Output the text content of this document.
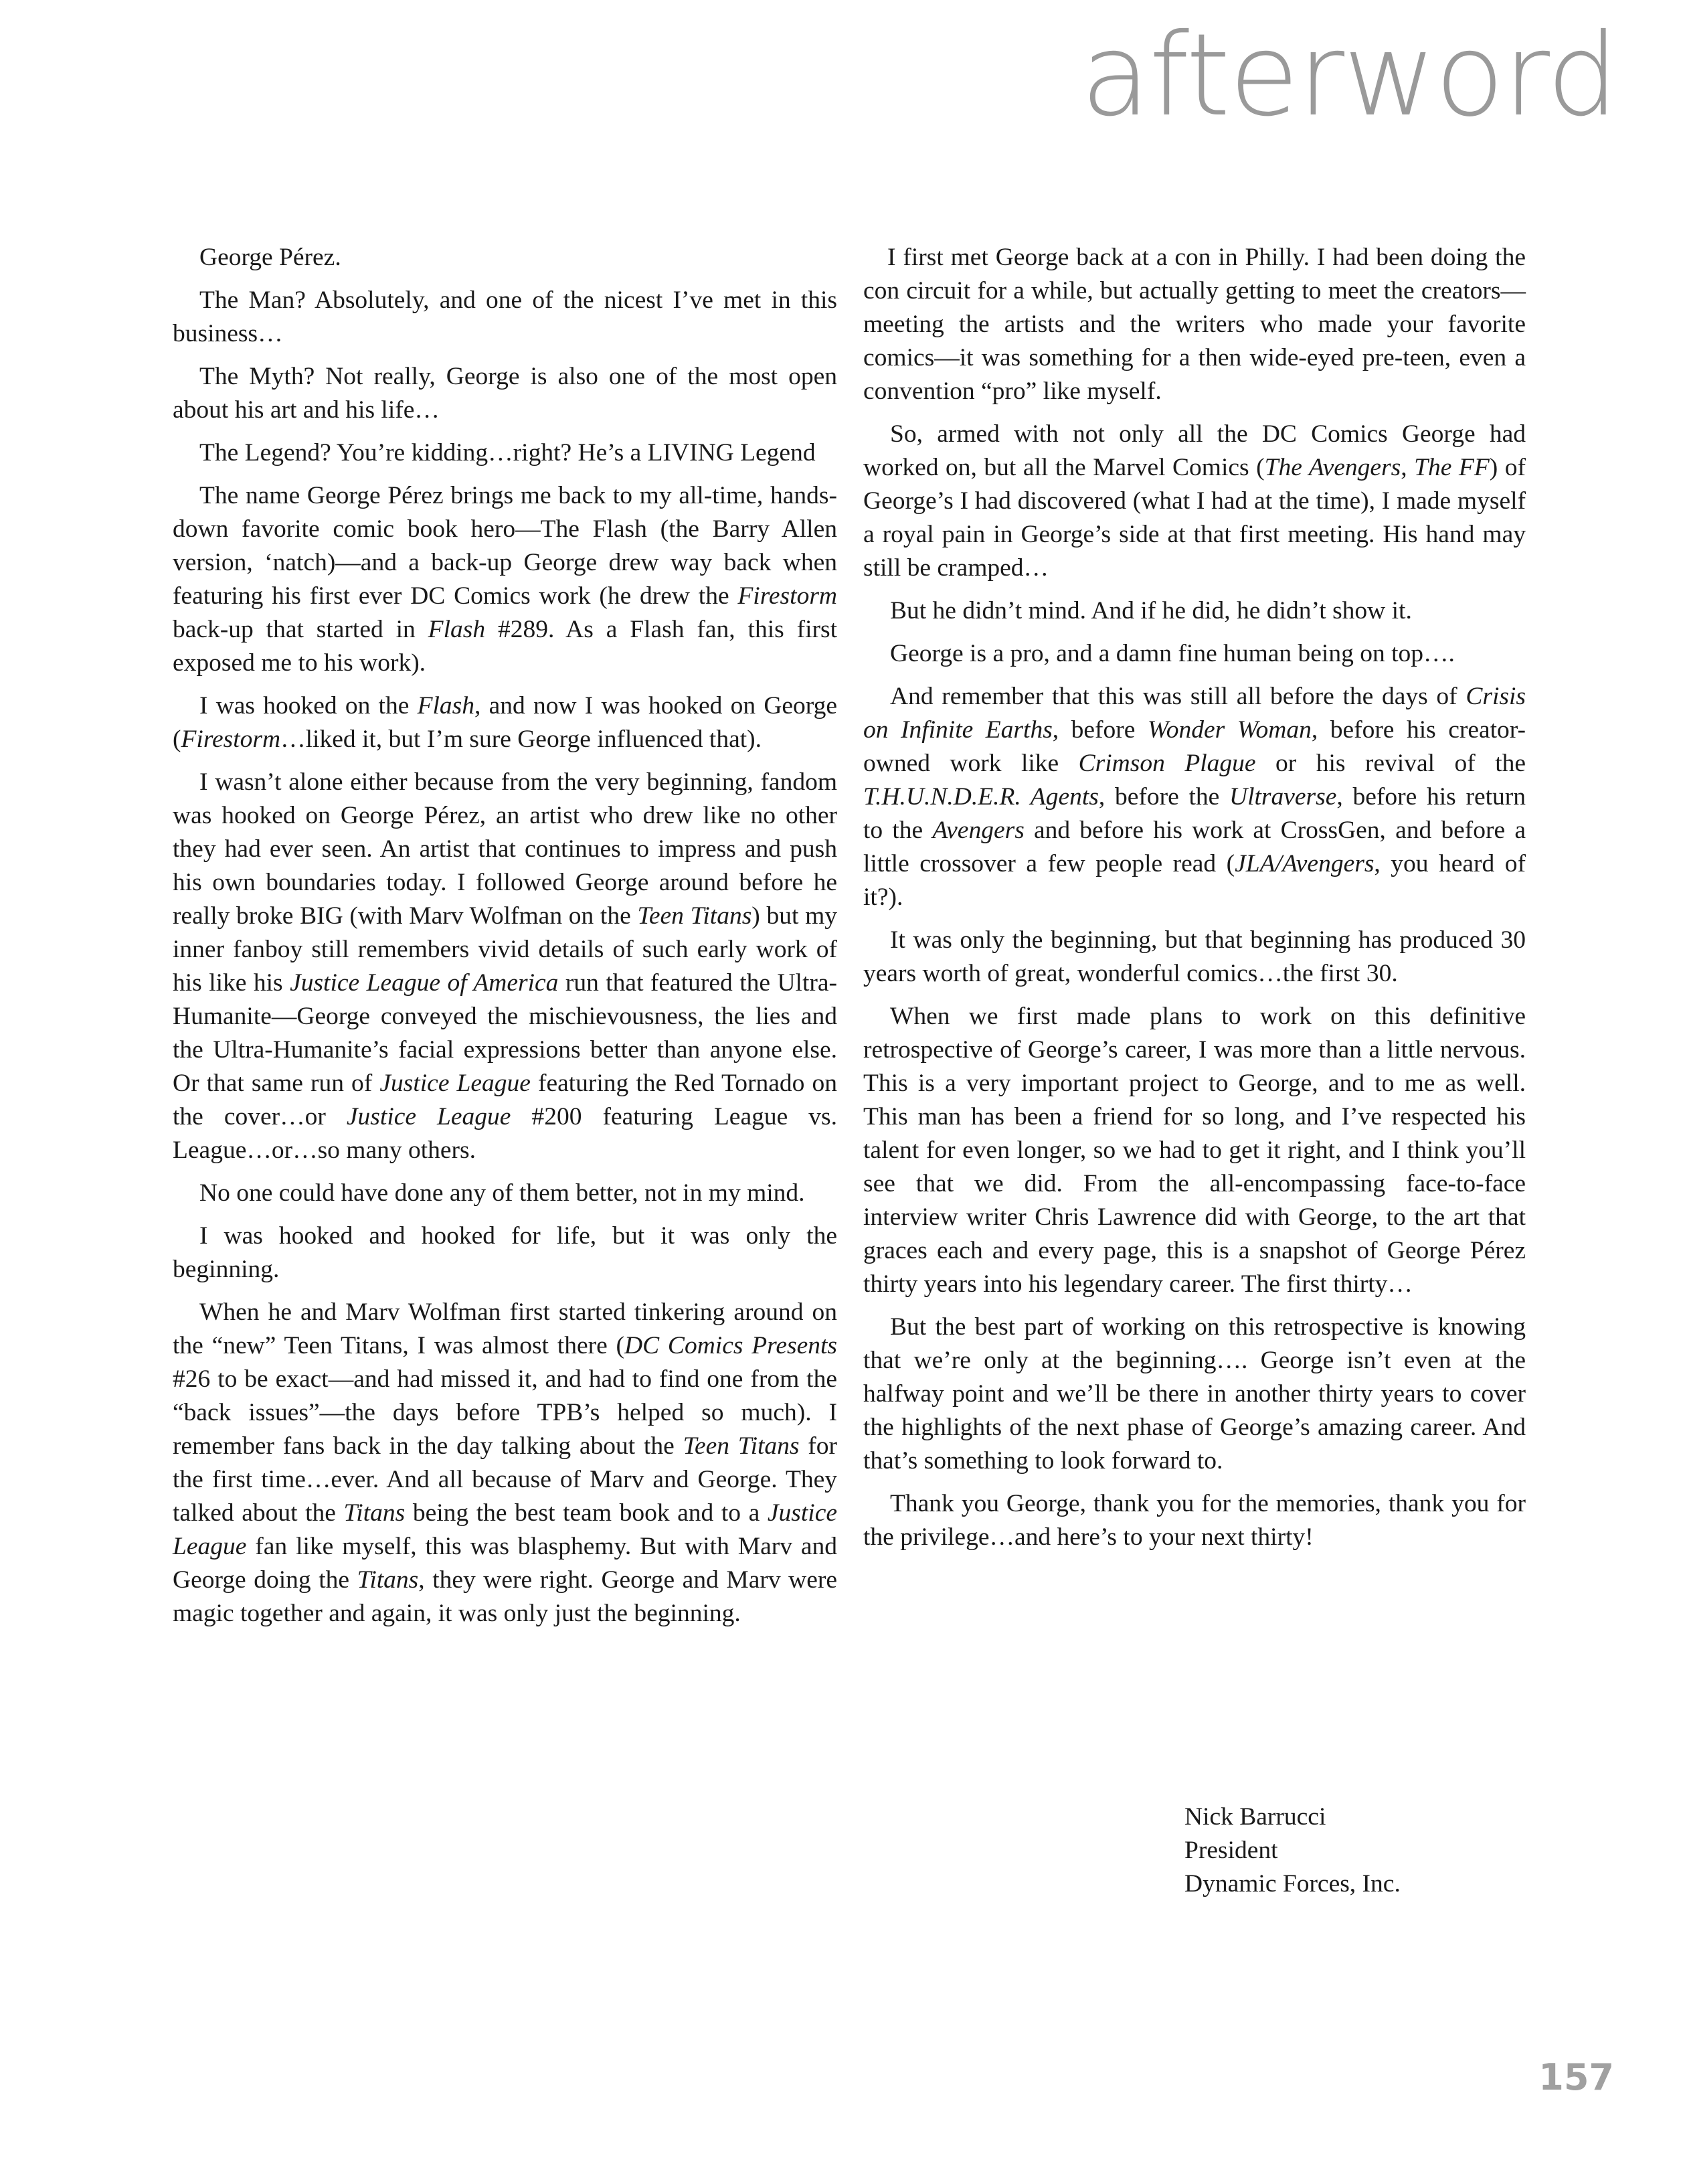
afterword

George Pérez.

The Man? Absolutely, and one of the nicest I’ve met in this business…

The Myth? Not really, George is also one of the most open about his art and his life…

The Legend? You’re kidding…right? He’s a LIVING Legend

The name George Pérez brings me back to my all-time, hands-down favorite comic book hero—The Flash (the Barry Allen version, ‘natch)—and a back-up George drew way back when featuring his first ever DC Comics work (he drew the Firestorm back-up that started in Flash #289. As a Flash fan, this first exposed me to his work).

I was hooked on the Flash, and now I was hooked on George (Firestorm…liked it, but I’m sure George influenced that).

I wasn’t alone either because from the very beginning, fandom was hooked on George Pérez, an artist who drew like no other they had ever seen. An artist that continues to impress and push his own boundaries today. I followed George around before he really broke BIG (with Marv Wolfman on the Teen Titans) but my inner fanboy still remembers vivid details of such early work of his like his Justice League of America run that featured the Ultra-Humanite—George conveyed the mischievousness, the lies and the Ultra-Humanite’s facial expressions better than anyone else. Or that same run of Justice League featuring the Red Tornado on the cover…or Justice League #200 featuring League vs. League…or…so many others.

No one could have done any of them better, not in my mind.

I was hooked and hooked for life, but it was only the beginning.

When he and Marv Wolfman first started tinkering around on the “new” Teen Titans, I was almost there (DC Comics Presents #26 to be exact—and had missed it, and had to find one from the “back issues”—the days before TPB’s helped so much). I remember fans back in the day talking about the Teen Titans for the first time…ever. And all because of Marv and George. They talked about the Titans being the best team book and to a Justice League fan like myself, this was blasphemy. But with Marv and George doing the Titans, they were right. George and Marv were magic together and again, it was only just the beginning.

I first met George back at a con in Philly. I had been doing the con circuit for a while, but actually getting to meet the creators—meeting the artists and the writers who made your favorite comics—it was something for a then wide-eyed pre-teen, even a convention “pro” like myself.

So, armed with not only all the DC Comics George had worked on, but all the Marvel Comics (The Avengers, The FF) of George’s I had discovered (what I had at the time), I made myself a royal pain in George’s side at that first meeting. His hand may still be cramped…

But he didn’t mind. And if he did, he didn’t show it.

George is a pro, and a damn fine human being on top….

And remember that this was still all before the days of Crisis on Infinite Earths, before Wonder Woman, before his creator-owned work like Crimson Plague or his revival of the T.H.U.N.D.E.R. Agents, before the Ultraverse, before his return to the Avengers and before his work at CrossGen, and before a little crossover a few people read (JLA/Avengers, you heard of it?).

It was only the beginning, but that beginning has produced 30 years worth of great, wonderful comics…the first 30.

When we first made plans to work on this definitive retrospective of George’s career, I was more than a little nervous. This is a very important project to George, and to me as well. This man has been a friend for so long, and I’ve respected his talent for even longer, so we had to get it right, and I think you’ll see that we did. From the all-encompassing face-to-face interview writer Chris Lawrence did with George, to the art that graces each and every page, this is a snapshot of George Pérez thirty years into his legendary career. The first thirty…

But the best part of working on this retrospective is knowing that we’re only at the beginning…. George isn’t even at the halfway point and we’ll be there in another thirty years to cover the highlights of the next phase of George’s amazing career. And that’s something to look forward to.

Thank you George, thank you for the memories, thank you for the privilege…and here’s to your next thirty!

Nick Barrucci
President
Dynamic Forces, Inc.
157
